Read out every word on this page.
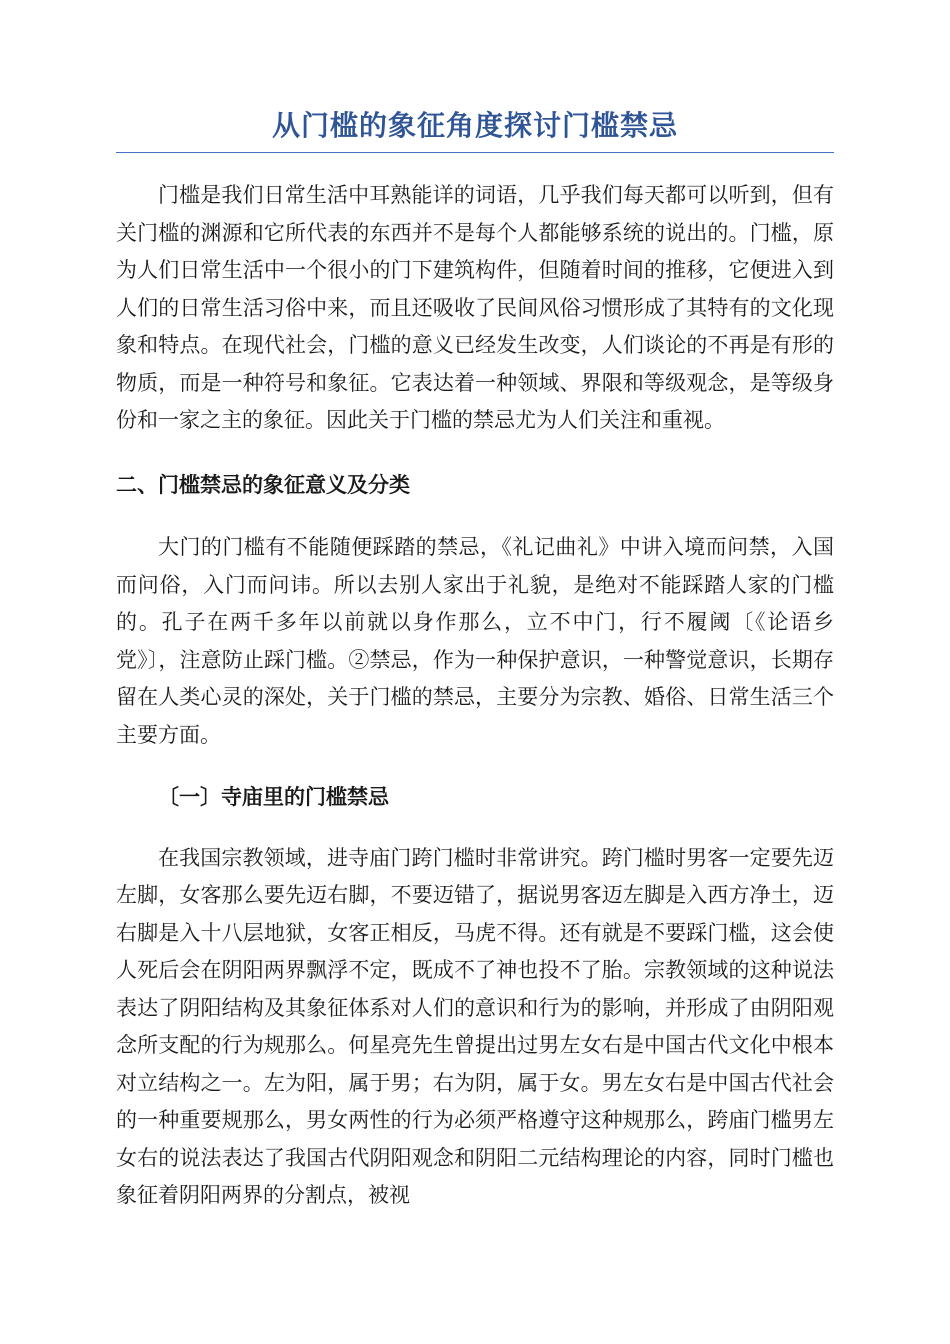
从门槛的象征角度探讨门槛禁忌

门槛是我们日常生活中耳熟能详的词语，几乎我们每天都可以听到，但有关门槛的渊源和它所代表的东西并不是每个人都能够系统的说出的。门槛，原为人们日常生活中一个很小的门下建筑构件，但随着时间的推移，它便进入到人们的日常生活习俗中来，而且还吸收了民间风俗习惯形成了其特有的文化现象和特点。在现代社会，门槛的意义已经发生改变，人们谈论的不再是有形的物质，而是一种符号和象征。它表达着一种领域、界限和等级观念，是等级身份和一家之主的象征。因此关于门槛的禁忌尤为人们关注和重视。

二、门槛禁忌的象征意义及分类

大门的门槛有不能随便踩踏的禁忌，《礼记曲礼》中讲入境而问禁，入国而问俗，入门而问讳。所以去别人家出于礼貌，是绝对不能踩踏人家的门槛的。孔子在两千多年以前就以身作那么，立不中门，行不履阈〔《论语乡党》〕，注意防止踩门槛。②禁忌，作为一种保护意识，一种警觉意识，长期存留在人类心灵的深处，关于门槛的禁忌，主要分为宗教、婚俗、日常生活三个主要方面。

〔一〕寺庙里的门槛禁忌

在我国宗教领域，进寺庙门跨门槛时非常讲究。跨门槛时男客一定要先迈左脚，女客那么要先迈右脚，不要迈错了，据说男客迈左脚是入西方净土，迈右脚是入十八层地狱，女客正相反，马虎不得。还有就是不要踩门槛，这会使人死后会在阴阳两界飘浮不定，既成不了神也投不了胎。宗教领域的这种说法表达了阴阳结构及其象征体系对人们的意识和行为的影响，并形成了由阴阳观念所支配的行为规那么。何星亮先生曾提出过男左女右是中国古代文化中根本对立结构之一。左为阳，属于男；右为阴，属于女。男左女右是中国古代社会的一种重要规那么，男女两性的行为必须严格遵守这种规那么，跨庙门槛男左女右的说法表达了我国古代阴阳观念和阴阳二元结构理论的内容，同时门槛也象征着阴阳两界的分割点，被视
